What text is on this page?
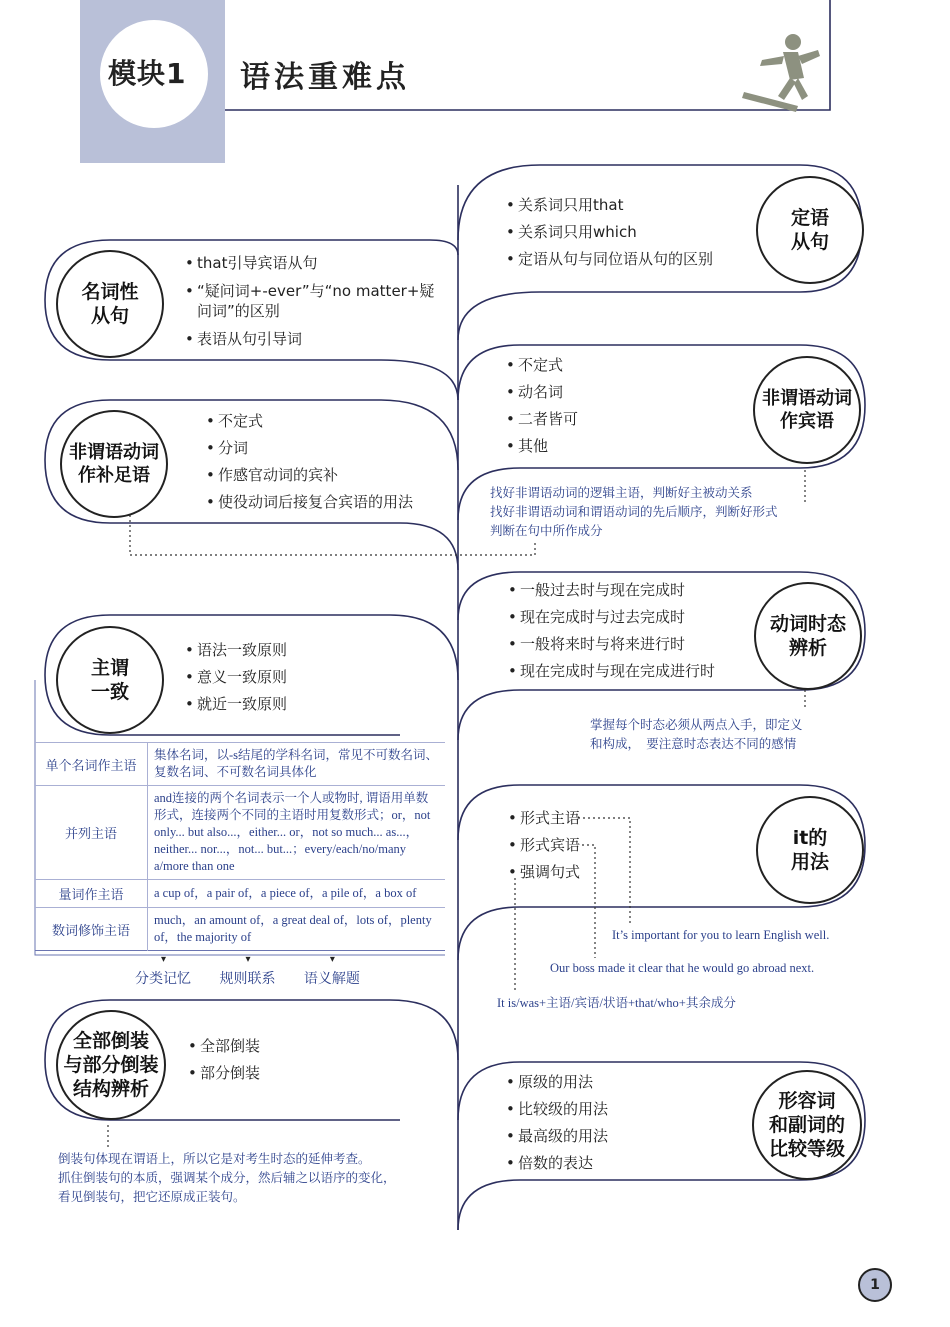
模块1 语法重难点
定语
从句
• 关系词只用that
• 关系词只用which
• 定语从句与同位语从句的区别
名词性
从句
• that引导宾语从句
• “疑问词+-ever”与“no matter+疑问词”的区别
• 表语从句引导词
非谓语动词
作宾语
• 不定式
• 动名词
• 二者皆可
• 其他
非谓语动词
作补足语
• 不定式
• 分词
• 作感官动词的宾补
• 使役动词后接复合宾语的用法	找好非谓语动词的逻辑主语，判断好主被动关系
找好非谓语动词和谓语动词的先后顺序，判断好形式
判断在句中所作成分
动词时态
辨析
• 一般过去时与现在完成时
• 现在完成时与过去完成时
• 一般将来时与将来进行时
• 现在完成时与现在完成进行时
掌握每个时态必须从两点入手，即定义
和构成，　要注意时态表达不同的感情
主谓
一致
• 语法一致原则
• 意义一致原则
• 就近一致原则
单个名词作主语	集体名词，以-s结尾的学科名词，常见不可数名词、复数名词、不可数名词具体化
并列主语	and连接的两个名词表示一个人或物时, 谓语用单数形式，连接两个不同的主语时用复数形式；or，not only... but also...，either... or，not so much... as...，neither... nor...，not... but...；every/each/no/many a/more than one
量词作主语	a cup of，a pair of，a piece of，a pile of，a box of
数词修饰主语	much，an amount of，a great deal of，lots of，plenty of，the majority of
▾ 分类记忆 ▾ 规则联系 ▾ 语义解题
it的
用法
• 形式主语
• 形式宾语
• 强调句式
It’s important for you to learn English well.
Our boss made it clear that he would go abroad next.
It is/was+主语/宾语/状语+that/who+其余成分
全部倒装
与部分倒装
结构辨析
• 全部倒装
• 部分倒装
倒装句体现在谓语上，所以它是对考生时态的延伸考查。
抓住倒装句的本质，强调某个成分，然后辅之以语序的变化，
看见倒装句，把它还原成正装句。
形容词
和副词的
比较等级
• 原级的用法
• 比较级的用法
• 最高级的用法
• 倍数的表达
1
